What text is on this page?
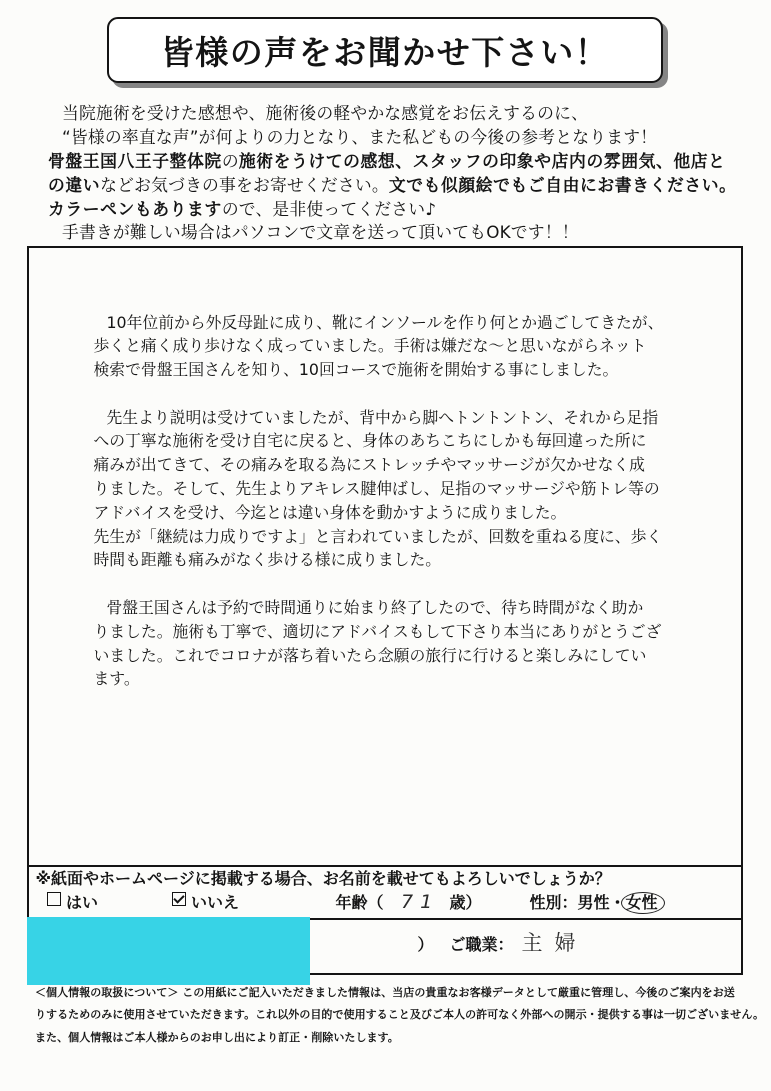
皆様の声をお聞かせ下さい！
当院施術を受けた感想や、施術後の軽やかな感覚をお伝えするのに、
“皆様の率直な声”が何よりの力となり、また私どもの今後の参考となります！
骨盤王国八王子整体院の施術をうけての感想、スタッフの印象や店内の雰囲気、他店と
の違いなどお気づきの事をお寄せください。文でも似顔絵でもご自由にお書きください。
カラーペンもありますので、是非使ってください♪
手書きが難しい場合はパソコンで文章を送って頂いてもOKです！！
10年位前から外反母趾に成り、靴にインソールを作り何とか過ごしてきたが、
歩くと痛く成り歩けなく成っていました。手術は嫌だな～と思いながらネット
検索で骨盤王国さんを知り、10回コースで施術を開始する事にしました。
先生より説明は受けていましたが、背中から脚へトントントン、それから足指
への丁寧な施術を受け自宅に戻ると、身体のあちこちにしかも毎回違った所に
痛みが出てきて、その痛みを取る為にストレッチやマッサージが欠かせなく成
りました。そして、先生よりアキレス腱伸ばし、足指のマッサージや筋トレ等の
アドバイスを受け、今迄とは違い身体を動かすように成りました。
先生が「継続は力成りですよ」と言われていましたが、回数を重ねる度に、歩く
時間も距離も痛みがなく歩ける様に成りました。
骨盤王国さんは予約で時間通りに始まり終了したので、待ち時間がなく助か
りました。施術も丁寧で、適切にアドバイスもして下さり本当にありがとうござ
いました。これでコロナが落ち着いたら念願の旅行に行けると楽しみにしてい
ます。
※紙面やホームページに掲載する場合、お名前を載せてもよろしいでしょうか？
はい	いいえ	年齢（ 71 歳）	性別：男性・女性
） ご職業： 主婦
＜個人情報の取扱について＞ この用紙にご記入いただきました情報は、当店の貴重なお客様データとして厳重に管理し、今後のご案内をお送
りするためのみに使用させていただきます。これ以外の目的で使用すること及びご本人の許可なく外部への開示・提供する事は一切ございません。
また、個人情報はご本人様からのお申し出により訂正・削除いたします。
